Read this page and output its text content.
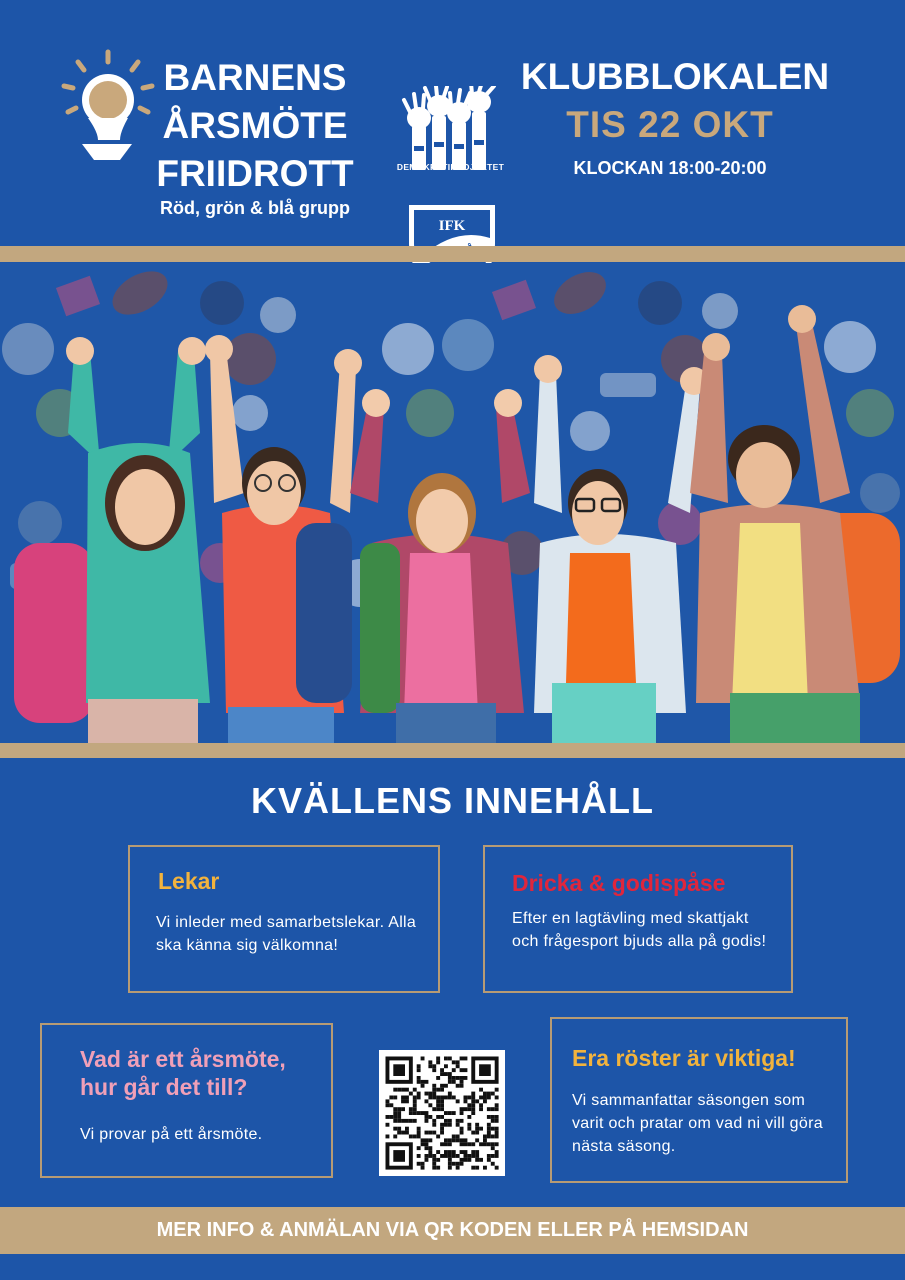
BARNENS
ÅRSMÖTE
FRIIDROTT
Röd, grön & blå grupp
DEMOKRATIPROJEKTET
IFK
KLUBBLOKALEN
TIS 22 OKT
KLOCKAN 18:00-20:00
KVÄLLENS INNEHÅLL
Lekar
Vi inleder med samarbetslekar. Alla ska känna sig välkomna!
Dricka & godispåse
Efter en lagtävling med skattjakt och frågesport bjuds alla på godis!
Vad är ett årsmöte, hur går det till?
Vi provar på ett årsmöte.
Era röster är viktiga!
Vi sammanfattar säsongen som varit och pratar om vad ni vill göra nästa säsong.
MER INFO & ANMÄLAN VIA QR KODEN ELLER PÅ HEMSIDAN
